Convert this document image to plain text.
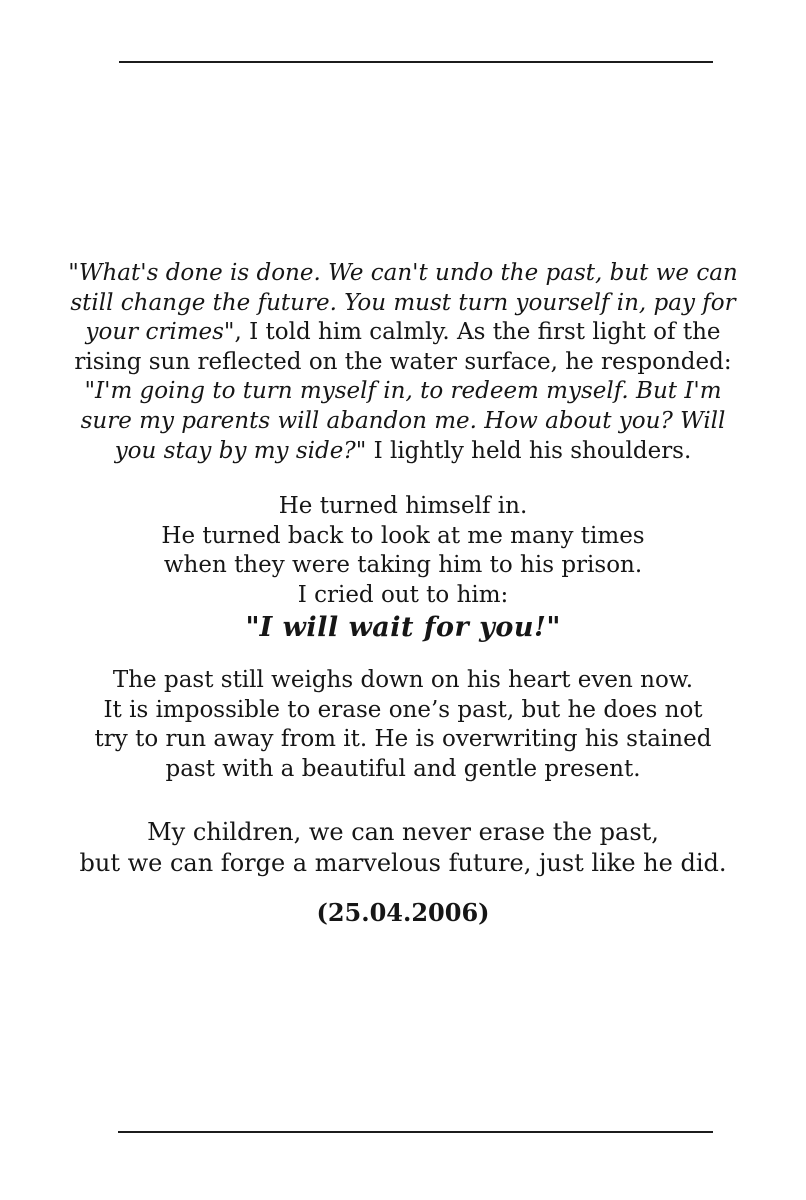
"What's done is done. We can't undo the past, but we can
still change the future. You must turn yourself in, pay for
your crimes", I told him calmly. As the first light of the
rising sun reflected on the water surface, he responded:
"I'm going to turn myself in, to redeem myself. But I'm
sure my parents will abandon me. How about you? Will
you stay by my side?" I lightly held his shoulders.
He turned himself in.
He turned back to look at me many times
when they were taking him to his prison.
I cried out to him:
"I will wait for you!"
The past still weighs down on his heart even now.
It is impossible to erase one’s past, but he does not
try to run away from it. He is overwriting his stained
past with a beautiful and gentle present.
My children, we can never erase the past,
but we can forge a marvelous future, just like he did.
(25.04.2006)
